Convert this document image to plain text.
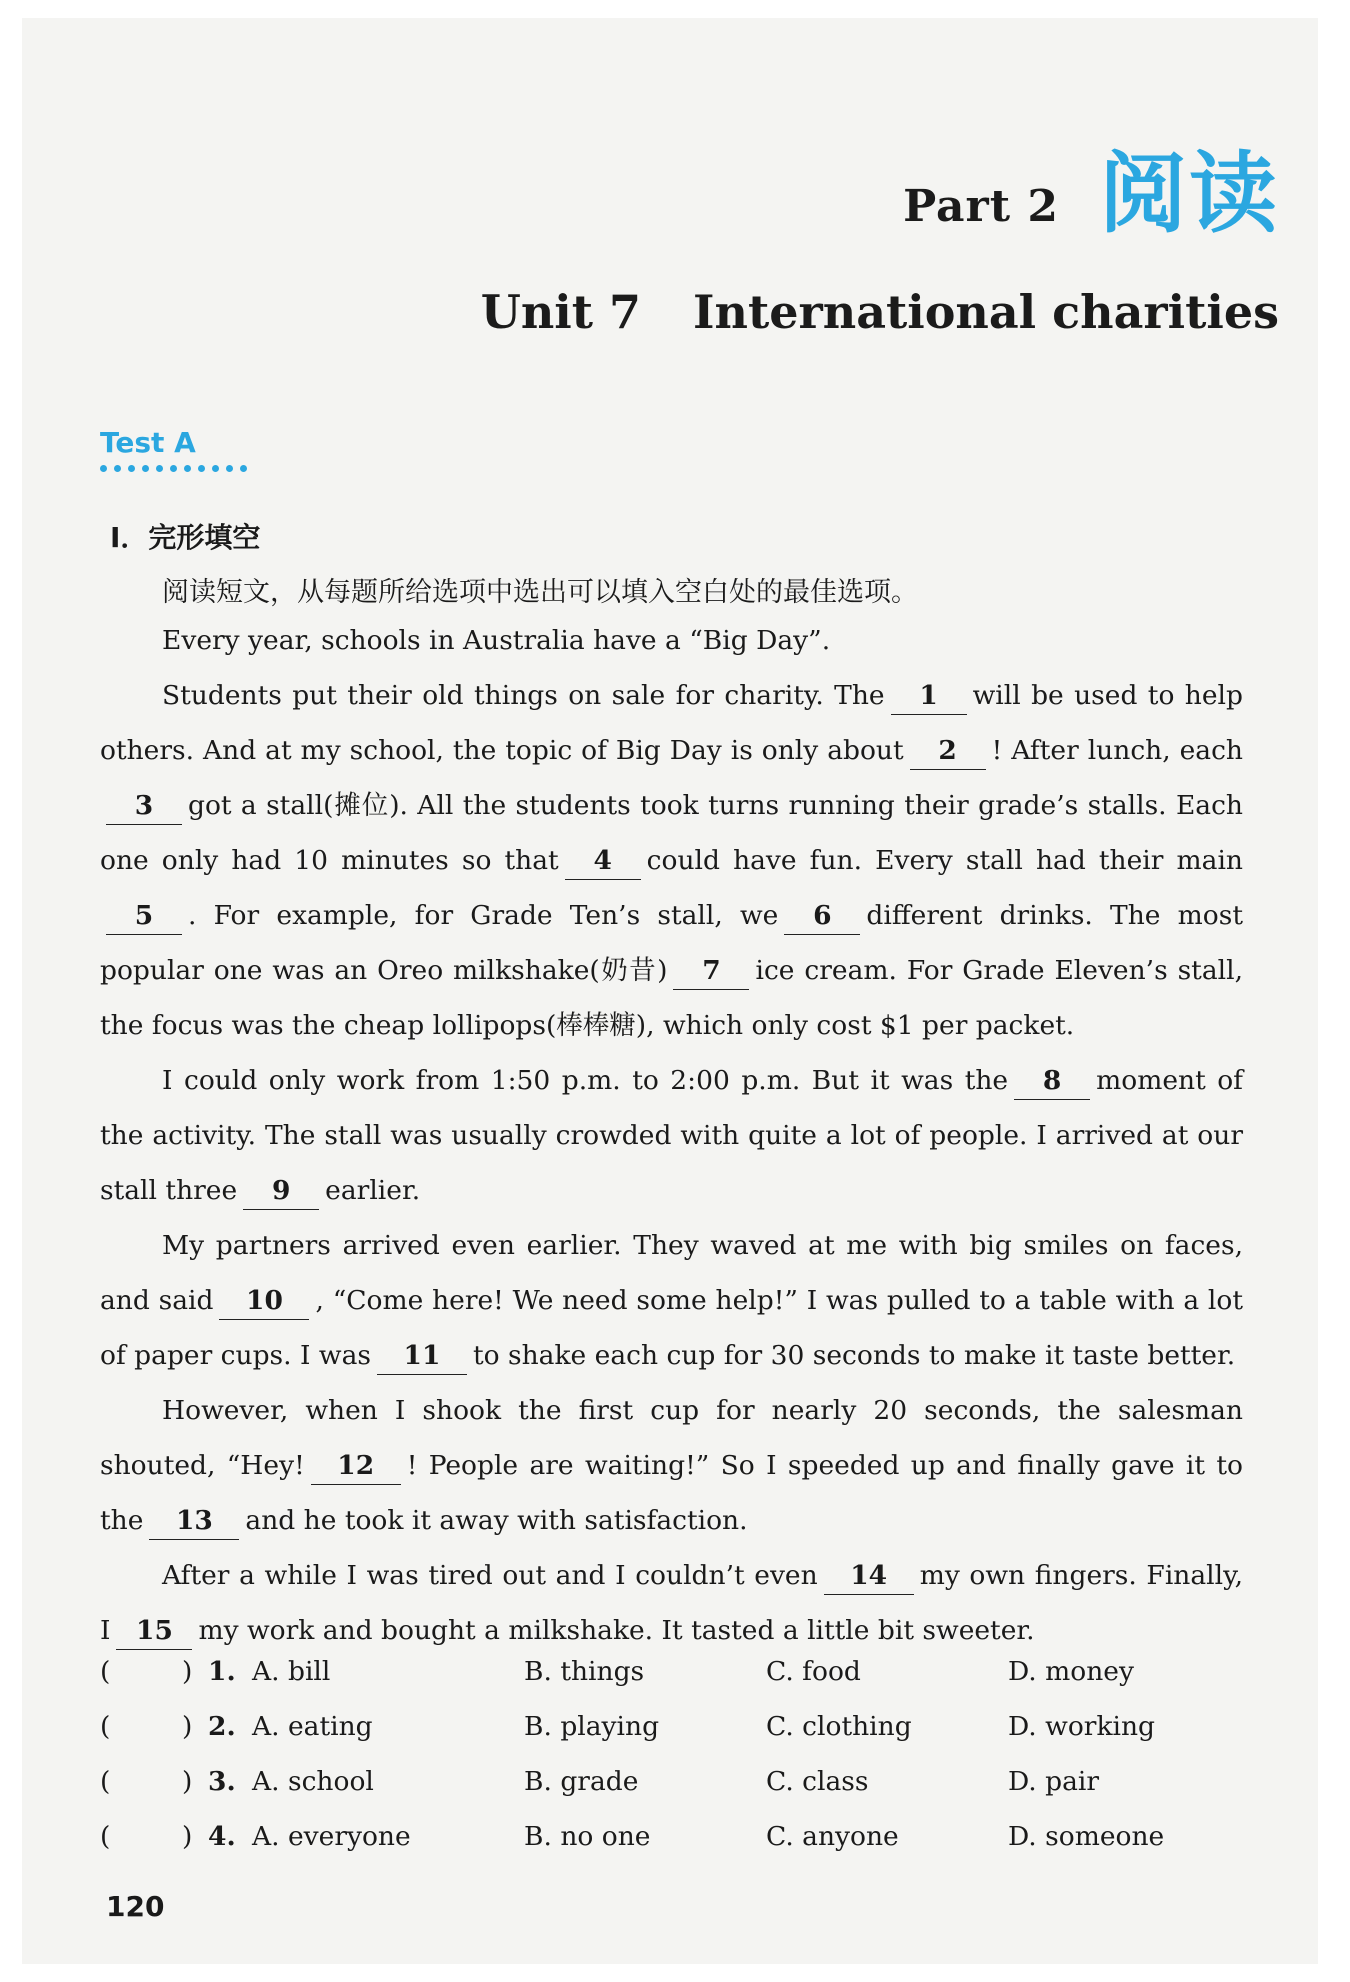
Part 2 阅读
Unit 7 International charities
Test A
I．完形填空
阅读短文，从每题所给选项中选出可以填入空白处的最佳选项。

Every year, schools in Australia have a “Big Day”.

Students put their old things on sale for charity. The 1 will be used to help others. And at my school, the topic of Big Day is only about 2 ! After lunch, each3 got a stall(摊位). All the students took turns running their grade’s stalls. Each one only had 10 minutes so that 4 could have fun. Every stall had their main5 . For example, for Grade Ten’s stall, we 6 different drinks. The most popular one was an Oreo milkshake(奶昔) 7 ice cream. For Grade Eleven’s stall, the focus was the cheap lollipops(棒棒糖), which only cost $1 per packet.

I could only work from 1:50 p.m. to 2:00 p.m. But it was the 8 moment of the activity. The stall was usually crowded with quite a lot of people. I arrived at our stall three 9 earlier.

My partners arrived even earlier. They waved at me with big smiles on faces, and said 10 , “Come here! We need some help!” I was pulled to a table with a lot of paper cups. I was 11 to shake each cup for 30 seconds to make it taste better.

However, when I shook the first cup for nearly 20 seconds, the salesman shouted, “Hey! 12 ! People are waiting!” So I speeded up and finally gave it to the 13 and he took it away with satisfaction.

After a while I was tired out and I couldn’t even 14 my own fingers. Finally, I 15 my work and bought a milkshake. It tasted a little bit sweeter.

(	) 1. A. bill	B. things	C. food	D. money
(	) 2. A. eating	B. playing	C. clothing	D. working
(	) 3. A. school	B. grade	C. class	D. pair
(	) 4. A. everyone	B. no one	C. anyone	D. someone
120
